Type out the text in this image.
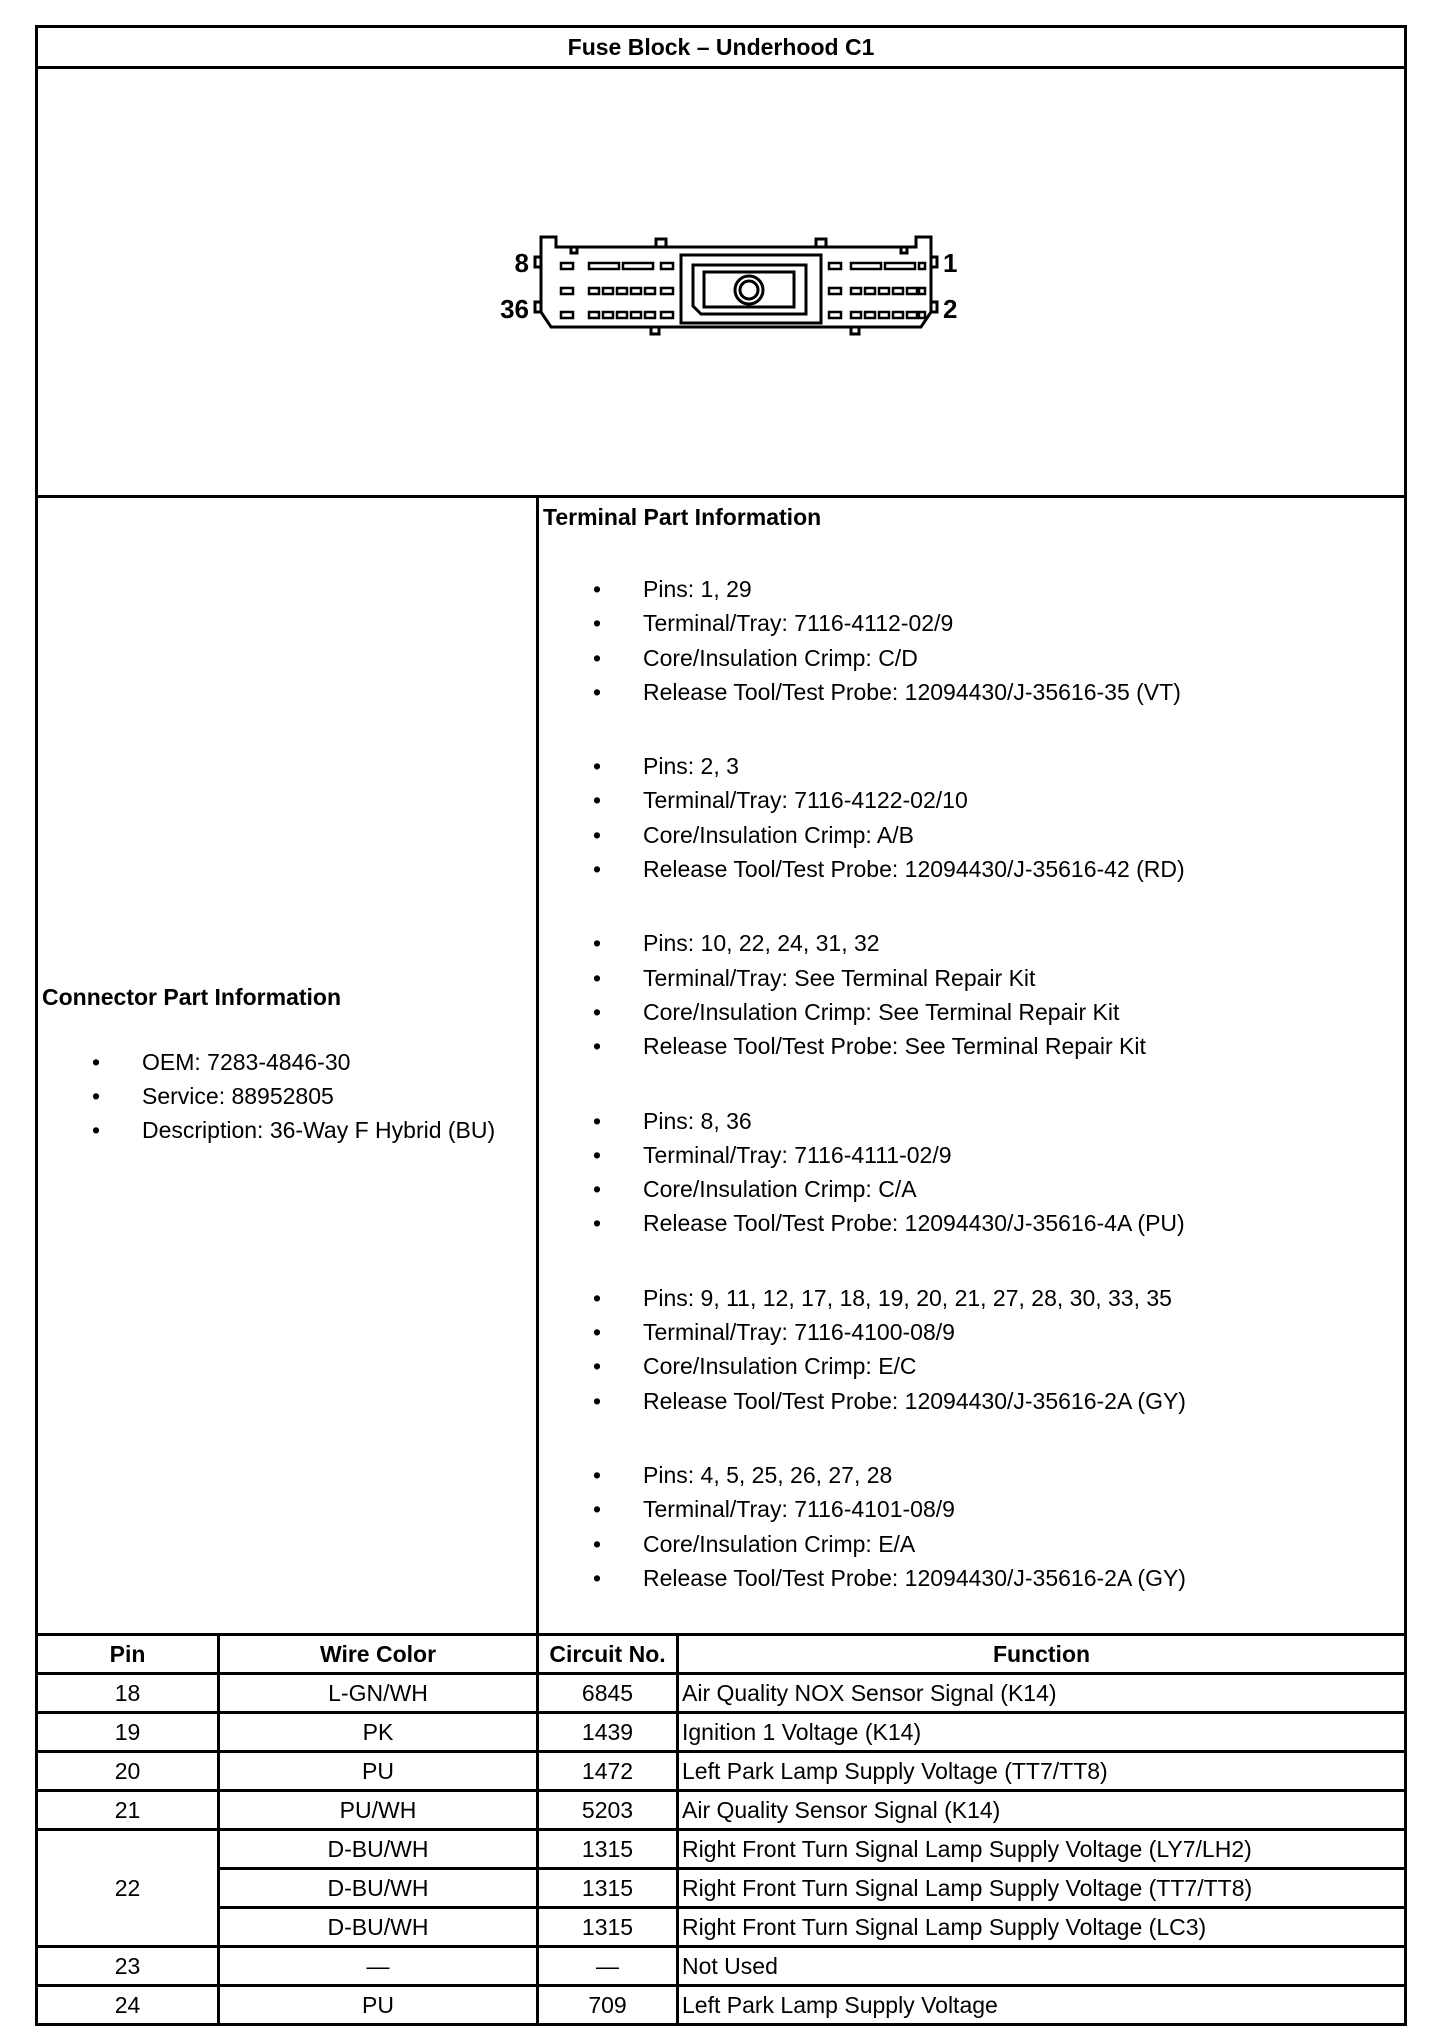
Fuse Block – Underhood C1

8
36
1
2

Connector Part Information
• OEM: 7283-4846-30
• Service: 88952805
• Description: 36-Way F Hybrid (BU)

Terminal Part Information
• Pins: 1, 29
• Terminal/Tray: 7116-4112-02/9
• Core/Insulation Crimp: C/D
• Release Tool/Test Probe: 12094430/J-35616-35 (VT)
• Pins: 2, 3
• Terminal/Tray: 7116-4122-02/10
• Core/Insulation Crimp: A/B
• Release Tool/Test Probe: 12094430/J-35616-42 (RD)
• Pins: 10, 22, 24, 31, 32
• Terminal/Tray: See Terminal Repair Kit
• Core/Insulation Crimp: See Terminal Repair Kit
• Release Tool/Test Probe: See Terminal Repair Kit
• Pins: 8, 36
• Terminal/Tray: 7116-4111-02/9
• Core/Insulation Crimp: C/A
• Release Tool/Test Probe: 12094430/J-35616-4A (PU)
• Pins: 9, 11, 12, 17, 18, 19, 20, 21, 27, 28, 30, 33, 35
• Terminal/Tray: 7116-4100-08/9
• Core/Insulation Crimp: E/C
• Release Tool/Test Probe: 12094430/J-35616-2A (GY)
• Pins: 4, 5, 25, 26, 27, 28
• Terminal/Tray: 7116-4101-08/9
• Core/Insulation Crimp: E/A
• Release Tool/Test Probe: 12094430/J-35616-2A (GY)
Pin	Wire Color	Circuit No.	Function
18	L-GN/WH	6845	Air Quality NOX Sensor Signal (K14)
19	PK	1439	Ignition 1 Voltage (K14)
20	PU	1472	Left Park Lamp Supply Voltage (TT7/TT8)
21	PU/WH	5203	Air Quality Sensor Signal (K14)
22	D-BU/WH	1315	Right Front Turn Signal Lamp Supply Voltage (LY7/LH2)
	D-BU/WH	1315	Right Front Turn Signal Lamp Supply Voltage (TT7/TT8)
	D-BU/WH	1315	Right Front Turn Signal Lamp Supply Voltage (LC3)
23	—	—	Not Used
24	PU	709	Left Park Lamp Supply Voltage
